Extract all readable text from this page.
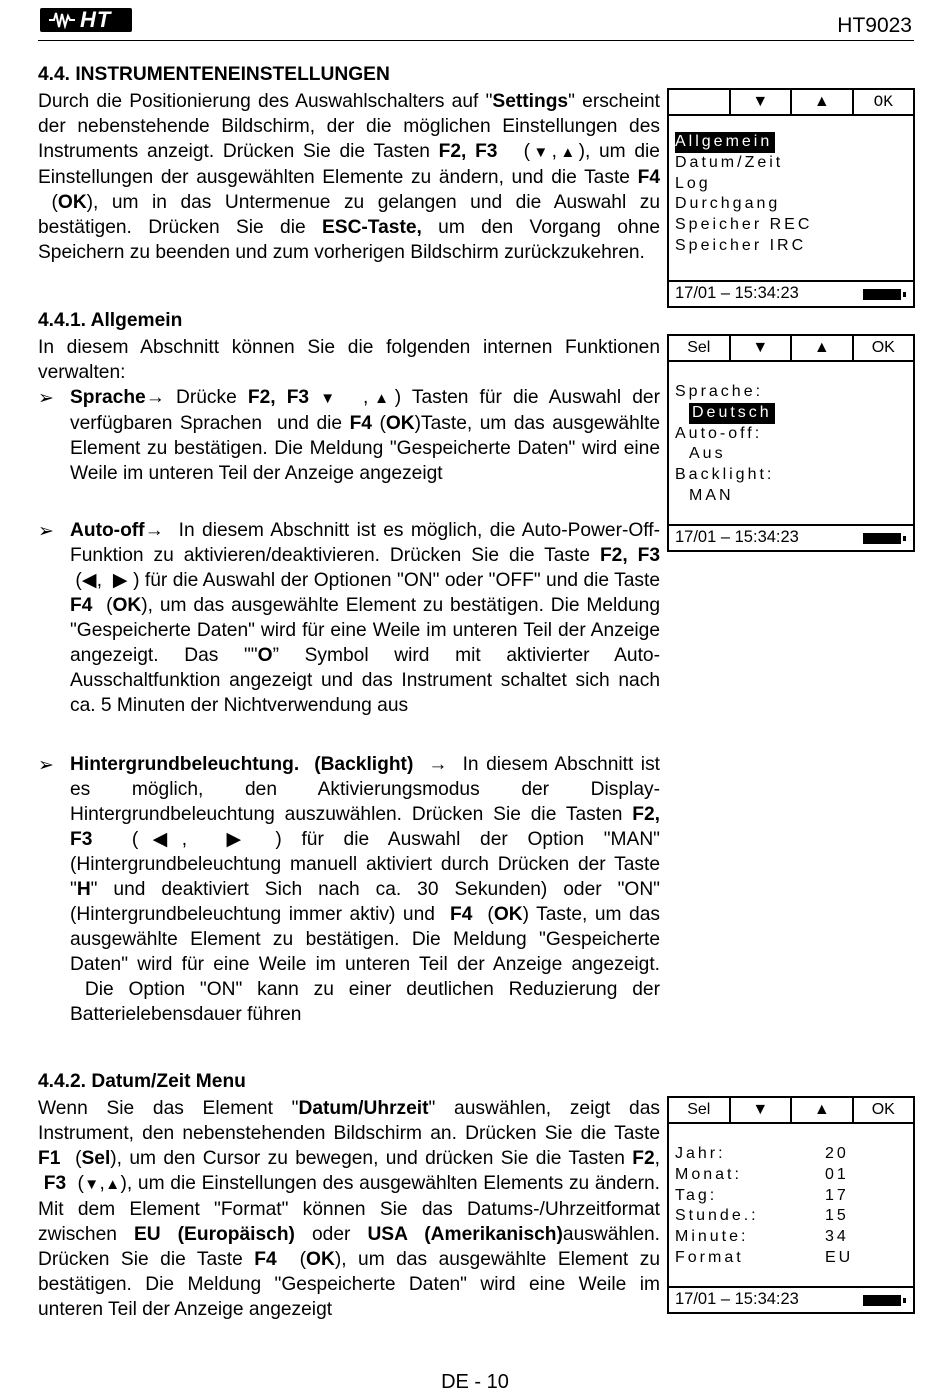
HT	HT9023
4.4. INSTRUMENTENEINSTELLUNGEN
Durch die Positionierung des Auswahlschalters auf "Settings" erscheint der nebenstehende Bildschirm, der die möglichen Einstellungen des Instruments anzeigt. Drücken Sie die Tasten F2, F3   (▼,▲), um die Einstellungen der ausgewählten Elemente zu ändern, und die Taste F4  (OK), um in das Untermenue zu gelangen und die Auswahl zu bestätigen. Drücken Sie die ESC-Taste, um den Vorgang ohne Speichern zu beenden und zum vorherigen Bildschirm zurückzukehren.
▼	▲	OK
Allgemein
Datum/Zeit
Log
Durchgang
Speicher REC
Speicher IRC
17/01 – 15:34:23
4.4.1. Allgemein
In diesem Abschnitt können Sie die folgenden internen Funktionen verwalten:
➢ Sprache→ Drücke F2, F3 ▼  ,▲) Tasten für die Auswahl der verfügbaren Sprachen  und die F4 (OK)Taste, um das ausgewählte Element zu bestätigen. Die Meldung "Gespeicherte Daten" wird eine Weile im unteren Teil der Anzeige angezeigt
➢ Auto-off→  In diesem Abschnitt ist es möglich, die Auto-Power-Off-Funktion zu aktivieren/deaktivieren. Drücken Sie die Taste F2, F3  (◀,  ▶ ) für die Auswahl der Optionen "ON" oder "OFF" und die Taste F4  (OK), um das ausgewählte Element zu bestätigen. Die Meldung "Gespeicherte Daten" wird für eine Weile im unteren Teil der Anzeige angezeigt. Das ""O” Symbol wird mit aktivierter Auto-Ausschaltfunktion angezeigt und das Instrument schaltet sich nach ca. 5 Minuten der Nichtverwendung aus
➢ Hintergrundbeleuchtung.  (Backlight)  →  In diesem Abschnitt ist es möglich, den Aktivierungsmodus der Display-Hintergrundbeleuchtung auszuwählen. Drücken Sie die Tasten F2, F3  (◀,  ▶ ) für die Auswahl der Option "MAN" (Hintergrundbeleuchtung manuell aktiviert durch Drücken der Taste "H" und deaktiviert Sich nach ca. 30 Sekunden) oder "ON" (Hintergrundbeleuchtung immer aktiv) und  F4  (OK) Taste, um das ausgewählte Element zu bestätigen. Die Meldung "Gespeicherte Daten" wird für eine Weile im unteren Teil der Anzeige angezeigt.  Die Option "ON" kann zu einer deutlichen Reduzierung der Batterielebensdauer führen
Sel	▼	▲	OK
Sprache:
Deutsch
Auto-off:
Aus
Backlight:
MAN
17/01 – 15:34:23
4.4.2. Datum/Zeit Menu
Wenn Sie das Element "Datum/Uhrzeit" auswählen, zeigt das Instrument, den nebenstehenden Bildschirm an. Drücken Sie die Taste F1  (Sel), um den Cursor zu bewegen, und drücken Sie die Tasten F2,  F3  (▼,▲), um die Einstellungen des ausgewählten Elements zu ändern. Mit dem Element "Format" können Sie das Datums-/Uhrzeitformat zwischen EU (Europäisch) oder USA (Amerikanisch)auswählen. Drücken Sie die Taste F4  (OK), um das ausgewählte Element zu bestätigen. Die Meldung "Gespeicherte Daten" wird eine Weile im unteren Teil der Anzeige angezeigt
Sel	▼	▲	OK
Jahr:	20
Monat:	01
Tag:	17
Stunde.:	15
Minute:	34
Format	EU
17/01 – 15:34:23
DE - 10
